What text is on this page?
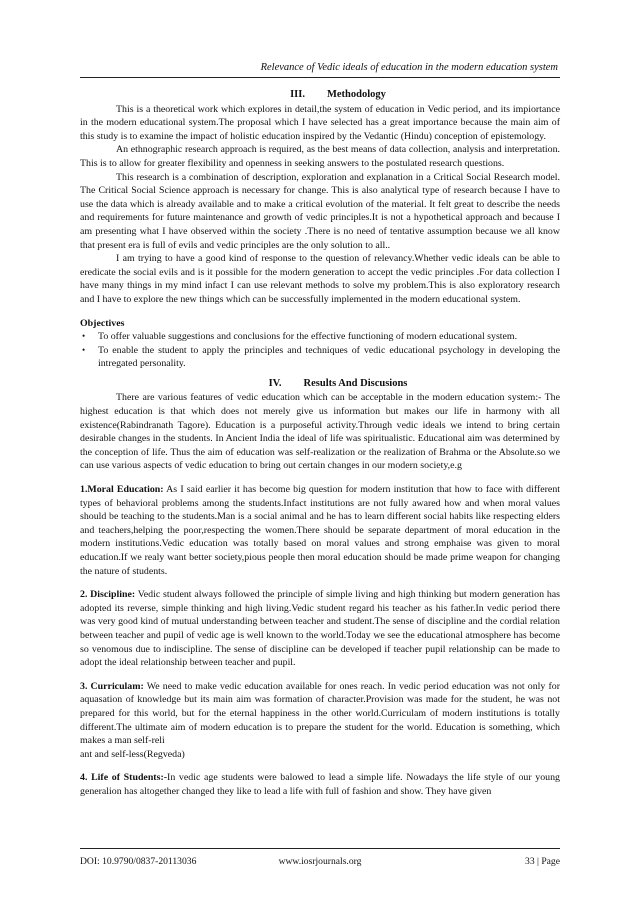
Relevance of Vedic ideals of education in the modern education system
III. Methodology

This is a theoretical work which explores in detail,the system of education in Vedic period, and its impiortance in the modern educational system.The proposal which I have selected has a great importance because the main aim of this study is to examine the impact of holistic education inspired by the Vedantic (Hindu) conception of epistemology.

An ethnographic research approach is required, as the best means of data collection, analysis and interpretation. This is to allow for greater flexibility and openness in seeking answers to the postulated research questions.

This research is a combination of description, exploration and explanation in a Critical Social Research model. The Critical Social Science approach is necessary for change. This is also analytical type of research because I have to use the data which is already available and to make a critical evolution of the material. It felt great to describe the needs and requirements for future maintenance and growth of vedic principles.It is not a hypothetical approach and because I am presenting what I have observed within the society .There is no need of tentative assumption because we all know that present era is full of evils and vedic principles are the only solution to all..

I am trying to have a good kind of response to the question of relevancy.Whether vedic ideals can be able to eredicate the social evils and is it possible for the modern generation to accept the vedic principles .For data collection I have many things in my mind infact I can use relevant methods to solve my problem.This is also exploratory research and I have to explore the new things which can be successfully implemented in the modern educational system.

Objectives

• To offer valuable suggestions and conclusions for the effective functioning of modern educational system.
• To enable the student to apply the principles and techniques of vedic educational psychology in developing the intregated personality.
IV. Results And Discusions

There are various features of vedic education which can be acceptable in the modern education system:- The highest education is that which does not merely give us information but makes our life in harmony with all existence(Rabindranath Tagore). Education is a purposeful activity.Through vedic ideals we intend to bring certain desirable changes in the students. In Ancient India the ideal of life was spiritualistic. Educational aim was determined by the conception of life. Thus the aim of education was self-realization or the realization of Brahma or the Absolute.so we can use various aspects of vedic education to bring out certain changes in our modern society,e.g

1.Moral Education: As I said earlier it has become big question for modern institution that how to face with different types of behavioral problems among the students.Infact institutions are not fully awared how and when moral values should be teaching to the students.Man is a social animal and he has to learn different social habits like respecting elders and teachers,helping the poor,respecting the women.There should be separate department of moral education in the modern institutions.Vedic education was totally based on moral values and strong emphaise was given to moral education.If we realy want better society,pious people then moral education should be made prime weapon for changing the nature of students.

2. Discipline: Vedic student always followed the principle of simple living and high thinking but modern generation has adopted its reverse, simple thinking and high living.Vedic student regard his teacher as his father.In vedic period there was very good kind of mutual understanding between teacher and student.The sense of discipline and the cordial relation between teacher and pupil of vedic age is well known to the world.Today we see the educational atmosphere has become so venomous due to indiscipline. The sense of discipline can be developed if teacher pupil relationship can be made to adopt the ideal relationship between teacher and pupil.

3. Curriculam: We need to make vedic education available for ones reach. In vedic period education was not only for aquasation of knowledge but its main aim was formation of character.Provision was made for the student, he was not prepared for this world, but for the eternal happiness in the other world.Curriculam of modern institutions is totally different.The ultimate aim of modern education is to prepare the student for the world. Education is something, which makes a man self-reli

ant and self-less(Regveda)

4. Life of Students:-In vedic age students were balowed to lead a simple life. Nowadays the life style of our young generalion has altogether changed they like to lead a life with full of fashion and show. They have given

DOI: 10.9790/0837-20113036	www.iosrjournals.org	33 | Page
